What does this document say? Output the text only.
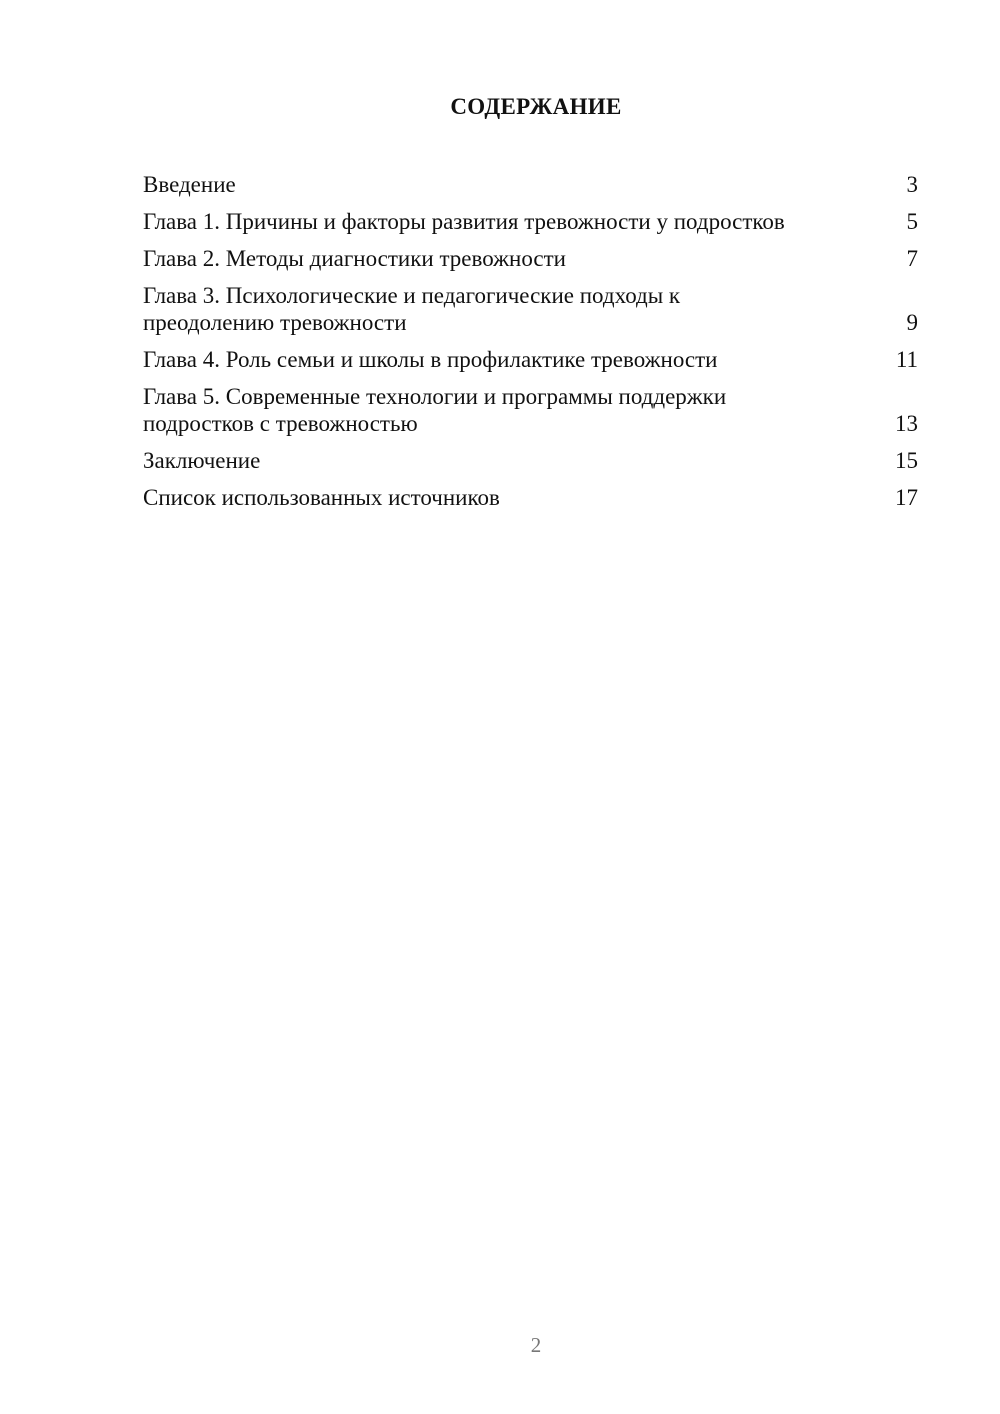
СОДЕРЖАНИЕ
Введение	3
Глава 1. Причины и факторы развития тревожности у подростков	5
Глава 2. Методы диагностики тревожности	7
Глава 3. Психологические и педагогические подходы к преодолению тревожности	9
Глава 4. Роль семьи и школы в профилактике тревожности	11
Глава 5. Современные технологии и программы поддержки подростков с тревожностью	13
Заключение	15
Список использованных источников	17
2
